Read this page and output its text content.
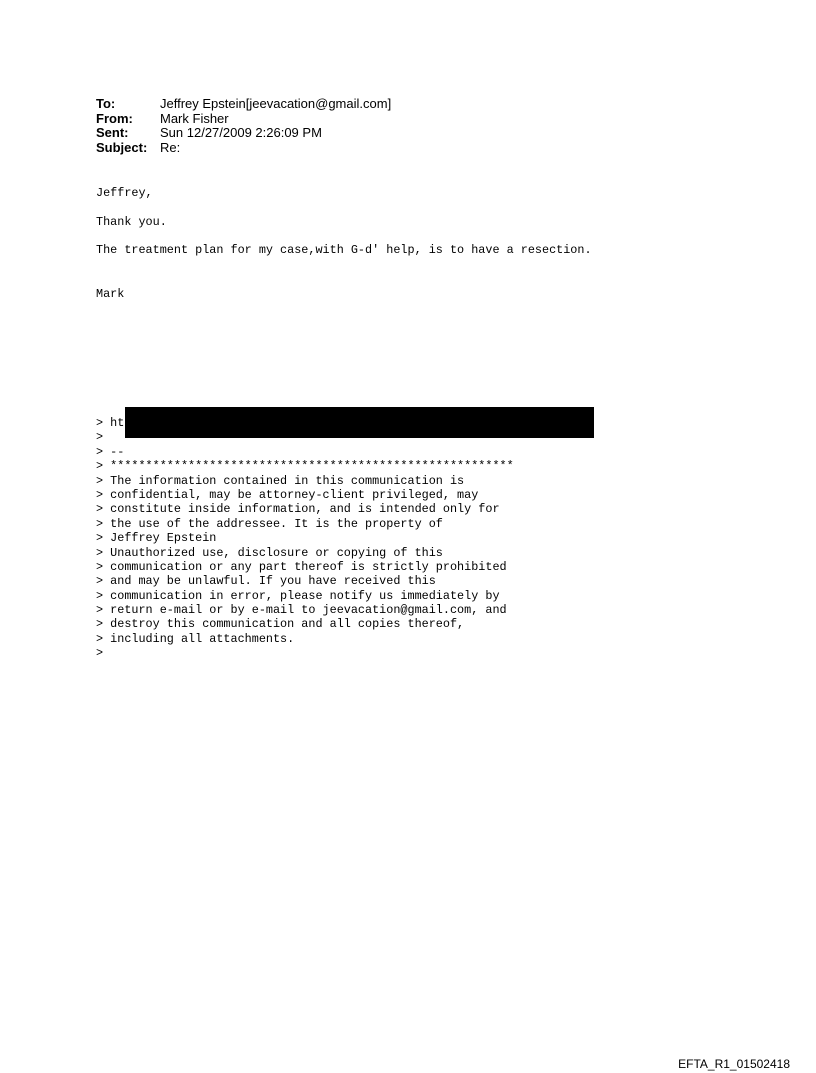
To:	Jeffrey Epstein[jeevacation@gmail.com]
From:	Mark Fisher
Sent:	Sun 12/27/2009 2:26:09 PM
Subject: Re:
Jeffrey,
Thank you.
The treatment plan for my case,with G-d' help, is to have a resection.
Mark
> ht
>
> --
> *********************************************************
> The information contained in this communication is
> confidential, may be attorney-client privileged, may
> constitute inside information, and is intended only for
> the use of the addressee. It is the property of
> Jeffrey Epstein
> Unauthorized use, disclosure or copying of this
> communication or any part thereof is strictly prohibited
> and may be unlawful. If you have received this
> communication in error, please notify us immediately by
> return e-mail or by e-mail to jeevacation@gmail.com, and
> destroy this communication and all copies thereof,
> including all attachments.
>
EFTA_R1_01502418
